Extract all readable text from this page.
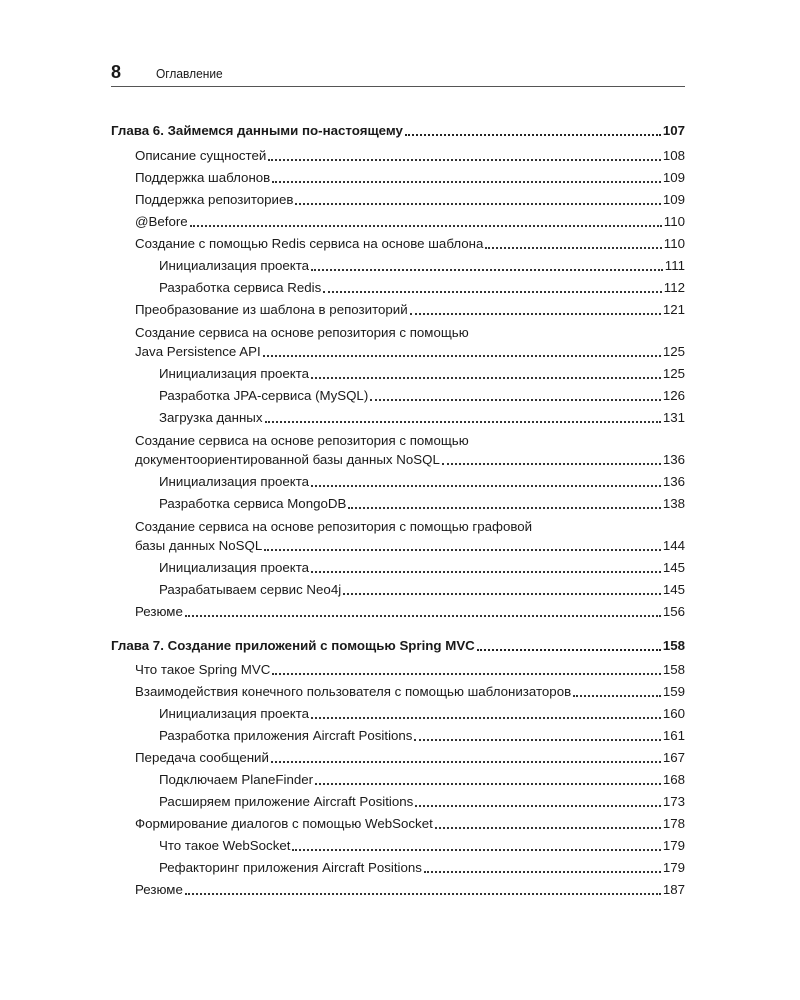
8	Оглавление
Глава 6. Займемся данными по-настоящему	107
Описание сущностей	108
Поддержка шаблонов	109
Поддержка репозиториев	109
@Before	110
Создание с помощью Redis сервиса на основе шаблона	110
Инициализация проекта	111
Разработка сервиса Redis	112
Преобразование из шаблона в репозиторий	121
Создание сервиса на основе репозитория с помощью
Java Persistence API	125
Инициализация проекта	125
Разработка JPA-сервиса (MySQL)	126
Загрузка данных	131
Создание сервиса на основе репозитория с помощью
документоориентированной базы данных NoSQL	136
Инициализация проекта	136
Разработка сервиса MongoDB	138
Создание сервиса на основе репозитория с помощью графовой
базы данных NoSQL	144
Инициализация проекта	145
Разрабатываем сервис Neo4j	145
Резюме	156
Глава 7. Создание приложений с помощью Spring MVC	158
Что такое Spring MVC	158
Взаимодействия конечного пользователя с помощью шаблонизаторов	159
Инициализация проекта	160
Разработка приложения Aircraft Positions	161
Передача сообщений	167
Подключаем PlaneFinder	168
Расширяем приложение Aircraft Positions	173
Формирование диалогов с помощью WebSocket	178
Что такое WebSocket	179
Рефакторинг приложения Aircraft Positions	179
Резюме	187
